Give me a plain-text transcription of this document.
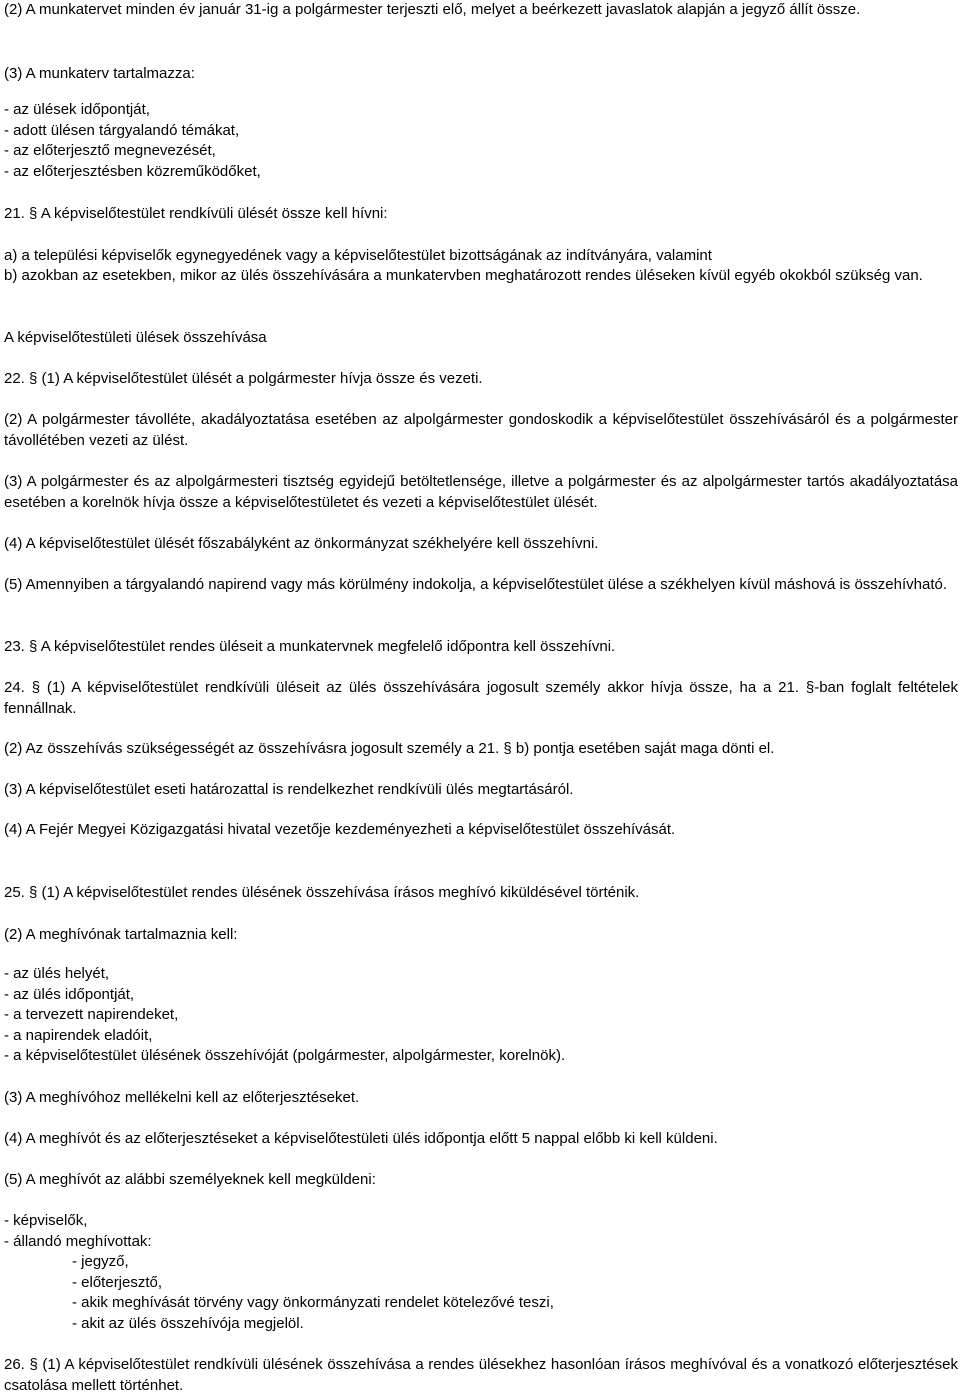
(2) A munkatervet minden év január 31-ig a polgármester terjeszti elő, melyet a beérkezett javaslatok alapján a jegyző állít össze.

(3) A munkaterv tartalmazza:

- az ülések időpontját,

- adott ülésen tárgyalandó témákat,

- az előterjesztő megnevezését,

- az előterjesztésben közreműködőket,

21. § A képviselőtestület rendkívüli ülését össze kell hívni:

a) a települési képviselők egynegyedének vagy a képviselőtestület bizottságának az indítványára, valamint

b) azokban az esetekben, mikor az ülés összehívására a munkatervben meghatározott rendes üléseken kívül egyéb okokból szükség van.

A képviselőtestületi ülések összehívása

22. § (1) A képviselőtestület ülését a polgármester hívja össze és vezeti.

(2) A polgármester távolléte, akadályoztatása esetében az alpolgármester gondoskodik a képviselőtestület összehívásáról és a polgármester távollétében vezeti az ülést.

(3) A polgármester és az alpolgármesteri tisztség egyidejű betöltetlensége, illetve a polgármester és az alpolgármester tartós akadályoztatása esetében a korelnök hívja össze a képviselőtestületet és vezeti a képviselőtestület ülését.

(4) A képviselőtestület ülését főszabályként az önkormányzat székhelyére kell összehívni.

(5) Amennyiben a tárgyalandó napirend vagy más körülmény indokolja, a képviselőtestület ülése a székhelyen kívül máshová is összehívható.

23. § A képviselőtestület rendes üléseit a munkatervnek megfelelő időpontra kell összehívni.

24. § (1) A képviselőtestület rendkívüli üléseit az ülés összehívására jogosult személy akkor hívja össze, ha a 21. §-ban foglalt feltételek fennállnak.

(2) Az összehívás szükségességét az összehívásra jogosult személy a 21. § b) pontja esetében saját maga dönti el.

(3) A képviselőtestület eseti határozattal is rendelkezhet rendkívüli ülés megtartásáról.

(4) A Fejér Megyei Közigazgatási hivatal vezetője kezdeményezheti a képviselőtestület összehívását.

25. § (1) A képviselőtestület rendes ülésének összehívása írásos meghívó kiküldésével történik.

(2) A meghívónak tartalmaznia kell:

- az ülés helyét,

- az ülés időpontját,

- a tervezett napirendeket,

- a napirendek eladóit,

- a képviselőtestület ülésének összehívóját (polgármester, alpolgármester, korelnök).

(3) A meghívóhoz mellékelni kell az előterjesztéseket.

(4) A meghívót és az előterjesztéseket a képviselőtestületi ülés időpontja előtt 5 nappal előbb ki kell küldeni.

(5) A meghívót az alábbi személyeknek kell megküldeni:

- képviselők,

- állandó meghívottak:

- jegyző,

- előterjesztő,

- akik meghívását törvény vagy önkormányzati rendelet kötelezővé teszi,

- akit az ülés összehívója megjelöl.

26. § (1) A képviselőtestület rendkívüli ülésének összehívása a rendes ülésekhez hasonlóan írásos meghívóval és a vonatkozó előterjesztések csatolása mellett történhet.
